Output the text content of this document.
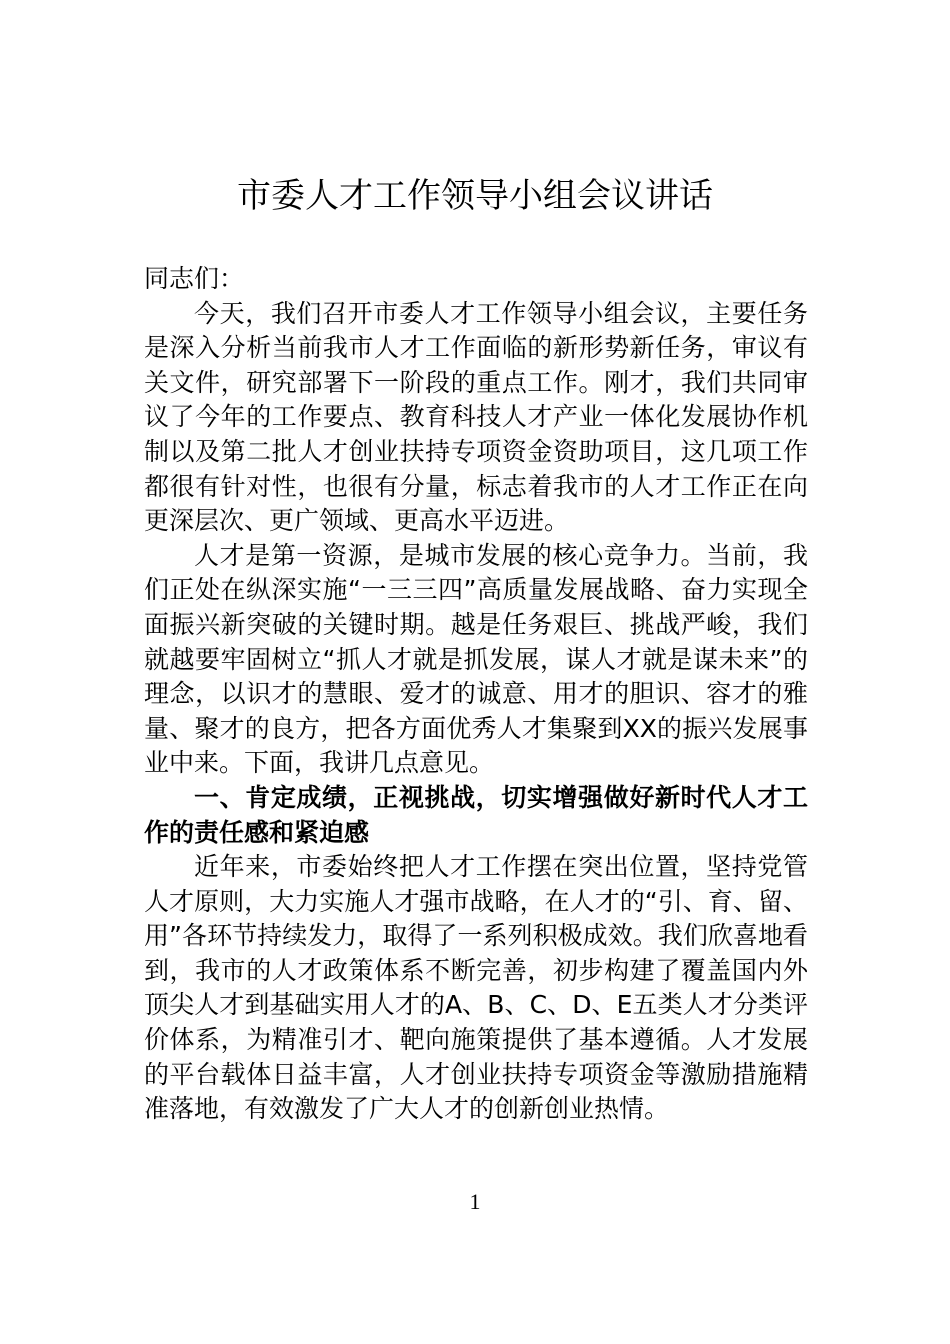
市委人才工作领导小组会议讲话

同志们：

今天，我们召开市委人才工作领导小组会议，主要任务是深入分析当前我市人才工作面临的新形势新任务，审议有关文件，研究部署下一阶段的重点工作。刚才，我们共同审议了今年的工作要点、教育科技人才产业一体化发展协作机制以及第二批人才创业扶持专项资金资助项目，这几项工作都很有针对性，也很有分量，标志着我市的人才工作正在向更深层次、更广领域、更高水平迈进。

人才是第一资源，是城市发展的核心竞争力。当前，我们正处在纵深实施“一三三四”高质量发展战略、奋力实现全面振兴新突破的关键时期。越是任务艰巨、挑战严峻，我们就越要牢固树立“抓人才就是抓发展，谋人才就是谋未来”的理念，以识才的慧眼、爱才的诚意、用才的胆识、容才的雅量、聚才的良方，把各方面优秀人才集聚到XX的振兴发展事业中来。下面，我讲几点意见。

一、肯定成绩，正视挑战，切实增强做好新时代人才工作的责任感和紧迫感

近年来，市委始终把人才工作摆在突出位置，坚持党管人才原则，大力实施人才强市战略，在人才的“引、育、留、用”各环节持续发力，取得了一系列积极成效。我们欣喜地看到，我市的人才政策体系不断完善，初步构建了覆盖国内外顶尖人才到基础实用人才的A、B、C、D、E五类人才分类评价体系，为精准引才、靶向施策提供了基本遵循。人才发展的平台载体日益丰富，人才创业扶持专项资金等激励措施精准落地，有效激发了广大人才的创新创业热情。

1
